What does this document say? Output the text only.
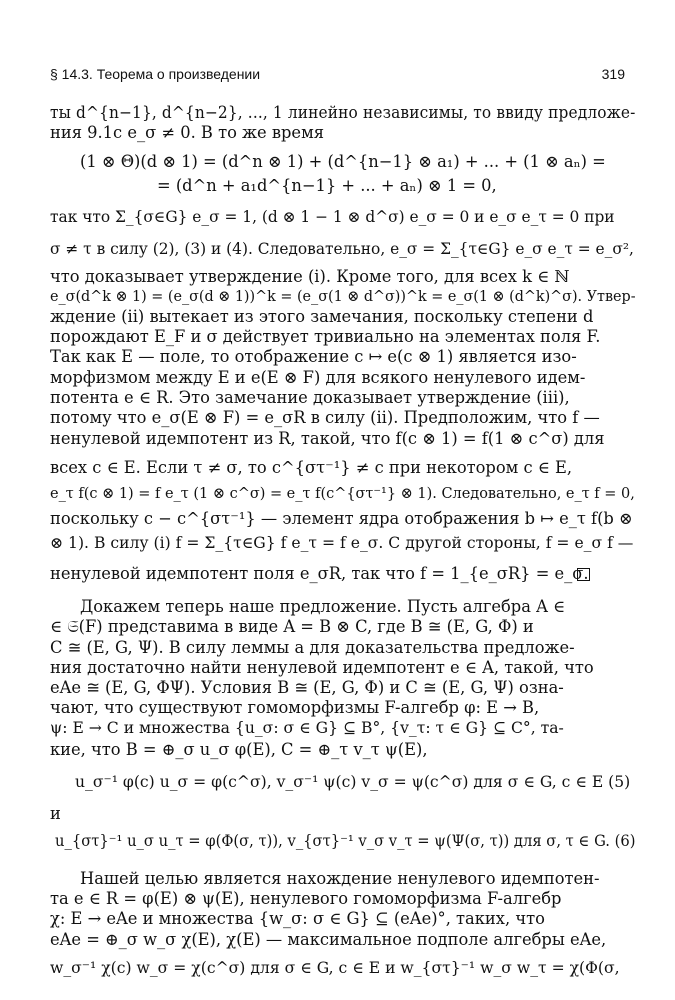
§ 14.3. Теорема о произведении	319
ты d^{n−1}, d^{n−2}, ..., 1 линейно независимы, то ввиду предложе-
ния 9.1с e_σ ≠ 0. В то же время
(1 ⊗ Θ)(d ⊗ 1) = (d^n ⊗ 1) + (d^{n−1} ⊗ a₁) + ... + (1 ⊗ aₙ) =
= (d^n + a₁d^{n−1} + ... + aₙ) ⊗ 1 = 0,
так что Σ_{σ∈G} e_σ = 1, (d ⊗ 1 − 1 ⊗ d^σ) e_σ = 0 и e_σ e_τ = 0 при
σ ≠ τ в силу (2), (3) и (4). Следовательно, e_σ = Σ_{τ∈G} e_σ e_τ = e_σ²,
что доказывает утверждение (i). Кроме того, для всех k ∈ ℕ
e_σ(d^k ⊗ 1) = (e_σ(d ⊗ 1))^k = (e_σ(1 ⊗ d^σ))^k = e_σ(1 ⊗ (d^k)^σ). Утвер-
ждение (ii) вытекает из этого замечания, поскольку степени d
порождают E_F и σ действует тривиально на элементах поля F.
Так как E — поле, то отображение c ↦ e(c ⊗ 1) является изо-
морфизмом между E и e(E ⊗ F) для всякого ненулевого идем-
потента e ∈ R. Это замечание доказывает утверждение (iii),
потому что e_σ(E ⊗ F) = e_σR в силу (ii). Предположим, что f —
ненулевой идемпотент из R, такой, что f(c ⊗ 1) = f(1 ⊗ c^σ) для
всех c ∈ E. Если τ ≠ σ, то c^{στ⁻¹} ≠ c при некотором c ∈ E,
e_τ f(c ⊗ 1) = f e_τ (1 ⊗ c^σ) = e_τ f(c^{στ⁻¹} ⊗ 1). Следовательно, e_τ f = 0,
поскольку c − c^{στ⁻¹} — элемент ядра отображения b ↦ e_τ f(b ⊗
⊗ 1). В силу (i) f = Σ_{τ∈G} f e_τ = f e_σ. С другой стороны, f = e_σ f —
ненулевой идемпотент поля e_σR, так что f = 1_{e_σR} = e_σ.
Докажем теперь наше предложение. Пусть алгебра A ∈
∈ 𝔖(F) представима в виде A = B ⊗ C, где B ≅ (E, G, Φ) и
C ≅ (E, G, Ψ). В силу леммы a для доказательства предложе-
ния достаточно найти ненулевой идемпотент e ∈ A, такой, что
eAe ≅ (E, G, ΦΨ). Условия B ≅ (E, G, Φ) и C ≅ (E, G, Ψ) озна-
чают, что существуют гомоморфизмы F-алгебр φ: E → B,
ψ: E → C и множества {u_σ: σ ∈ G} ⊆ B°, {v_τ: τ ∈ G} ⊆ C°, та-
кие, что B = ⊕_σ u_σ φ(E), C = ⊕_τ v_τ ψ(E),
u_σ⁻¹ φ(c) u_σ = φ(c^σ), v_σ⁻¹ ψ(c) v_σ = ψ(c^σ) для σ ∈ G, c ∈ E (5)
и
u_{στ}⁻¹ u_σ u_τ = φ(Φ(σ, τ)), v_{στ}⁻¹ v_σ v_τ = ψ(Ψ(σ, τ)) для σ, τ ∈ G. (6)
Нашей целью является нахождение ненулевого идемпотен-
та e ∈ R = φ(E) ⊗ ψ(E), ненулевого гомоморфизма F-алгебр
χ: E → eAe и множества {w_σ: σ ∈ G} ⊆ (eAe)°, таких, что
eAe = ⊕_σ w_σ χ(E), χ(E) — максимальное подполе алгебры eAe,
w_σ⁻¹ χ(c) w_σ = χ(c^σ) для σ ∈ G, c ∈ E и w_{στ}⁻¹ w_σ w_τ = χ(Φ(σ,
